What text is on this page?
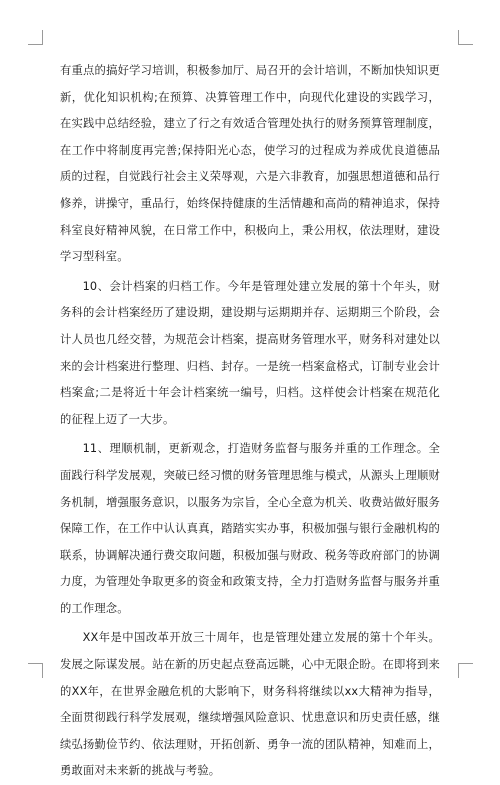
有重点的搞好学习培训，积极参加厅、局召开的会计培训，不断加快知识更新，优化知识机构;在预算、决算管理工作中，向现代化建设的实践学习，在实践中总结经验，建立了行之有效适合管理处执行的财务预算管理制度，在工作中将制度再完善;保持阳光心态，使学习的过程成为养成优良道德品质的过程，自觉践行社会主义荣辱观，六是六非教育，加强思想道德和品行修养，讲操守，重品行，始终保持健康的生活情趣和高尚的精神追求，保持科室良好精神风貌，在日常工作中，积极向上，秉公用权，依法理财，建设学习型科室。

10、会计档案的归档工作。今年是管理处建立发展的第十个年头，财务科的会计档案经历了建设期，建设期与运期期并存、运期期三个阶段，会计人员也几经交替，为规范会计档案，提高财务管理水平，财务科对建处以来的会计档案进行整理、归档、封存。一是统一档案盒格式，订制专业会计档案盒;二是将近十年会计档案统一编号，归档。这样使会计档案在规范化的征程上迈了一大步。

11、理顺机制，更新观念，打造财务监督与服务并重的工作理念。全面践行科学发展观，突破已经习惯的财务管理思维与模式，从源头上理顺财务机制，增强服务意识，以服务为宗旨，全心全意为机关、收费站做好服务保障工作，在工作中认认真真，踏踏实实办事，积极加强与银行金融机构的联系，协调解决通行费交取问题，积极加强与财政、税务等政府部门的协调力度，为管理处争取更多的资金和政策支持，全力打造财务监督与服务并重的工作理念。

XX年是中国改革开放三十周年，也是管理处建立发展的第十个年头。发展之际谋发展。站在新的历史起点登高远眺，心中无限企盼。在即将到来的XX年，在世界金融危机的大影响下，财务科将继续以xx大精神为指导，全面贯彻践行科学发展观，继续增强风险意识、忧患意识和历史责任感，继续弘扬勤俭节约、依法理财，开拓创新、勇争一流的团队精神，知难而上，勇敢面对未来新的挑战与考验。
